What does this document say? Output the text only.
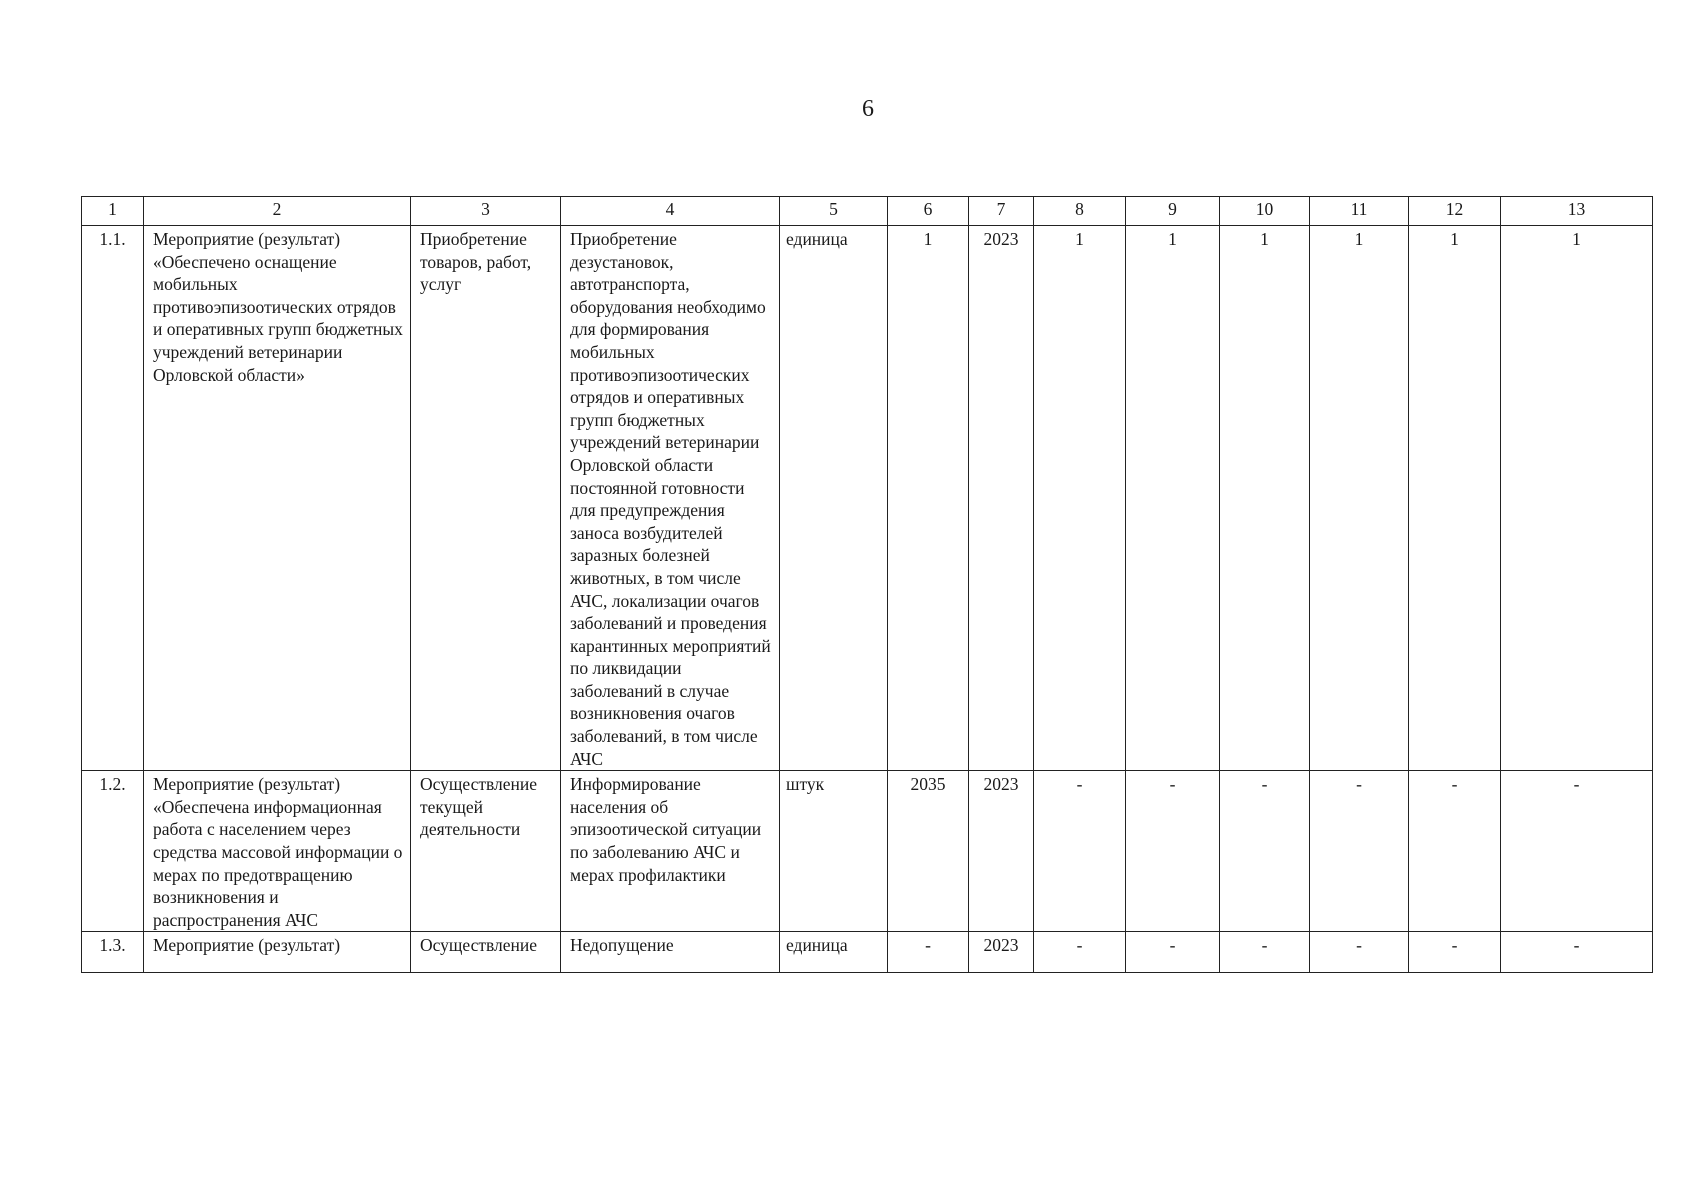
6
1	2	3	4	5	6	7	8	9	10	11	12	13
1.1.	Мероприятие (результат) «Обеспечено оснащение мобильных противоэпизоотических отрядов и оперативных групп бюджетных учреждений ветеринарии Орловской области»	Приобретение товаров, работ, услуг	Приобретение дезустановок, автотранспорта, оборудования необходимо для формирования мобильных противоэпизоотических отрядов и оперативных групп бюджетных учреждений ветеринарии Орловской области постоянной готовности для предупреждения заноса возбудителей заразных болезней животных, в том числе АЧС, локализации очагов заболеваний и проведения карантинных мероприятий по ликвидации заболеваний в случае возникновения очагов заболеваний, в том числе АЧС	единица	1	2023	1	1	1	1	1	1
1.2.	Мероприятие (результат) «Обеспечена информационная работа с населением через средства массовой информации о мерах по предотвращению возникновения и распространения АЧС	Осуществление текущей деятельности	Информирование населения об эпизоотической ситуации по заболеванию АЧС и мерах профилактики	штук	2035	2023	-	-	-	-	-	-
1.3.	Мероприятие (результат)	Осуществление	Недопущение	единица	-	2023	-	-	-	-	-	-
